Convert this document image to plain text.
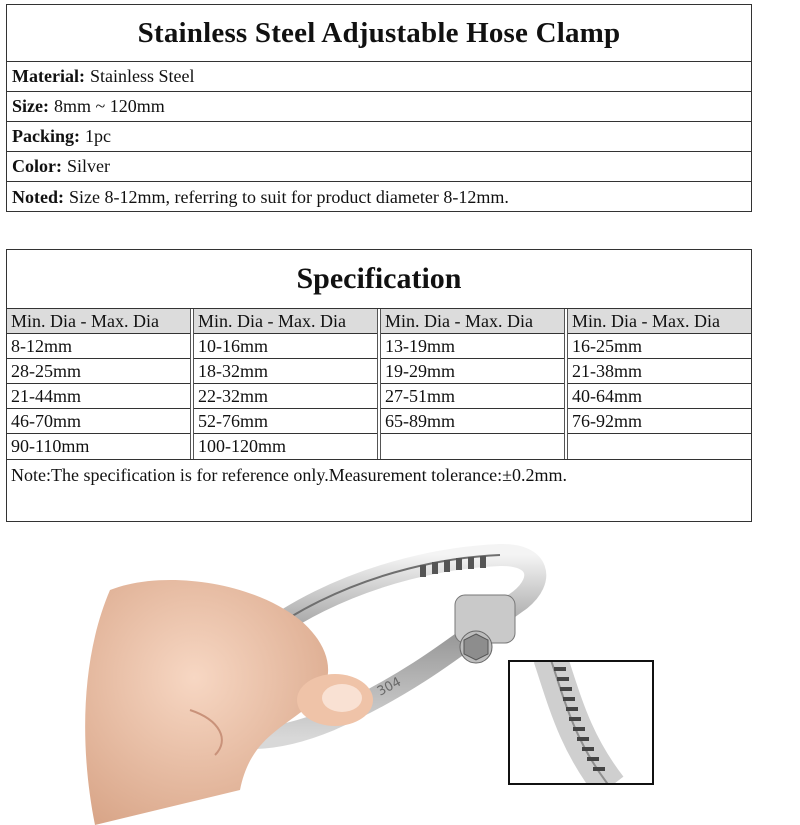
Stainless Steel Adjustable Hose Clamp
Material: Stainless Steel
Size: 8mm ~ 120mm
Packing: 1pc
Color: Silver
Noted: Size 8-12mm, referring to suit for product diameter 8-12mm.
Specification
Min. Dia - Max. Dia
8-12mm
28-25mm
21-44mm
46-70mm
90-110mm
Min. Dia - Max. Dia
10-16mm
18-32mm
22-32mm
52-76mm
100-120mm
Min. Dia - Max. Dia
13-19mm
19-29mm
27-51mm
65-89mm
Min. Dia - Max. Dia
16-25mm
21-38mm
40-64mm
76-92mm
Note:The specification is for reference only.Measurement tolerance:±0.2mm.
304
